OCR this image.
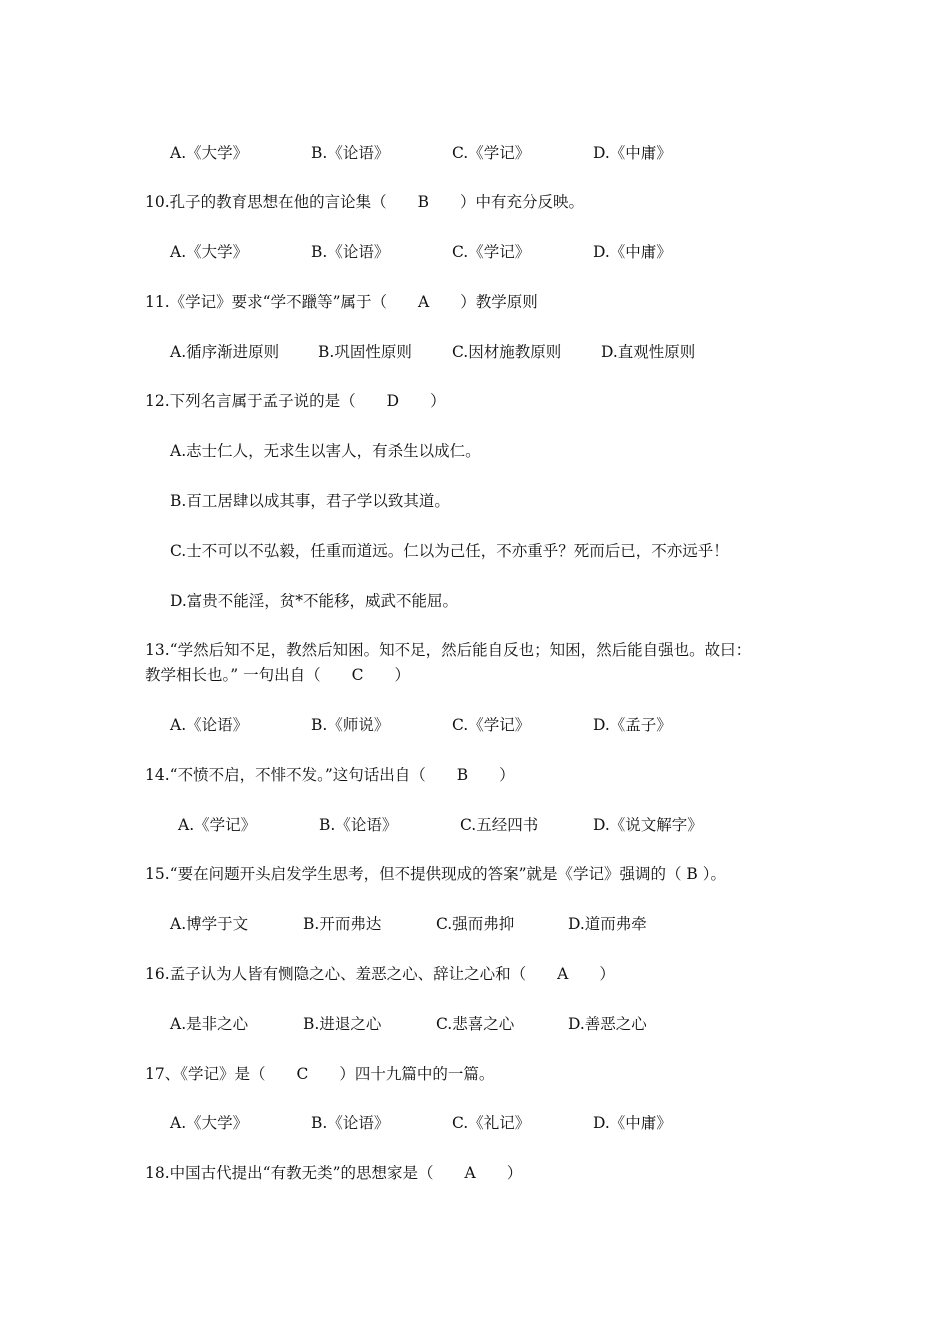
A.《大学》	B.《论语》	C.《学记》	D.《中庸》
10.孔子的教育思想在他的言论集（　　B　　）中有充分反映。
A.《大学》	B.《论语》	C.《学记》	D.《中庸》
11.《学记》要求“学不躐等”属于（　　A　　）教学原则
A.循序渐进原则	B.巩固性原则	C.因材施教原则	D.直观性原则
12.下列名言属于孟子说的是（　　D　　）
A.志士仁人，无求生以害人，有杀生以成仁。
B.百工居肆以成其事，君子学以致其道。
C.士不可以不弘毅，任重而道远。仁以为己任，不亦重乎？死而后已，不亦远乎！
D.富贵不能淫，贫*不能移，威武不能屈。
13.“学然后知不足，教然后知困。知不足，然后能自反也；知困，然后能自强也。故曰：
教学相长也。” 一句出自（　　C　　）
A.《论语》	B.《师说》	C.《学记》	D.《孟子》
14.“不愤不启，不悱不发。”这句话出自（　　B　　）
A.《学记》	B.《论语》	C.五经四书	D.《说文解字》
15.“要在问题开头启发学生思考，但不提供现成的答案”就是《学记》强调的（ B ）。
A.博学于文	B.开而弗达	C.强而弗抑	D.道而弗牵
16.孟子认为人皆有恻隐之心、羞恶之心、辞让之心和（　　A　　）
A.是非之心	B.进退之心	C.悲喜之心	D.善恶之心
17、《学记》是（　　C　　）四十九篇中的一篇。
A.《大学》	B.《论语》	C.《礼记》	D.《中庸》
18.中国古代提出“有教无类”的思想家是（　　A　　）
